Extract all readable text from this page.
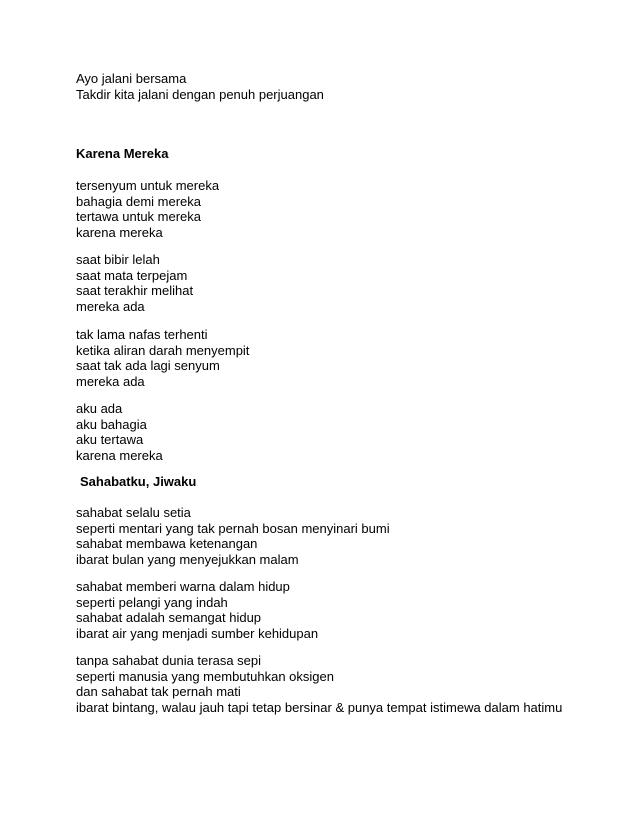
Ayo jalani bersama
Takdir kita jalani dengan penuh perjuangan
Karena Mereka
tersenyum untuk mereka
bahagia demi mereka
tertawa untuk mereka
karena mereka
saat bibir lelah
saat mata terpejam
saat terakhir melihat
mereka ada
tak lama nafas terhenti
ketika aliran darah menyempit
saat tak ada lagi senyum
mereka ada
aku ada
aku bahagia
aku tertawa
karena mereka
Sahabatku, Jiwaku
sahabat selalu setia
seperti mentari yang tak pernah bosan menyinari bumi
sahabat membawa ketenangan
ibarat bulan yang menyejukkan malam
sahabat memberi warna dalam hidup
seperti pelangi yang indah
sahabat adalah semangat hidup
ibarat air yang menjadi sumber kehidupan
tanpa sahabat dunia terasa sepi
seperti manusia yang membutuhkan oksigen
dan sahabat tak pernah mati
ibarat bintang, walau jauh tapi tetap bersinar & punya tempat istimewa dalam hatimu
